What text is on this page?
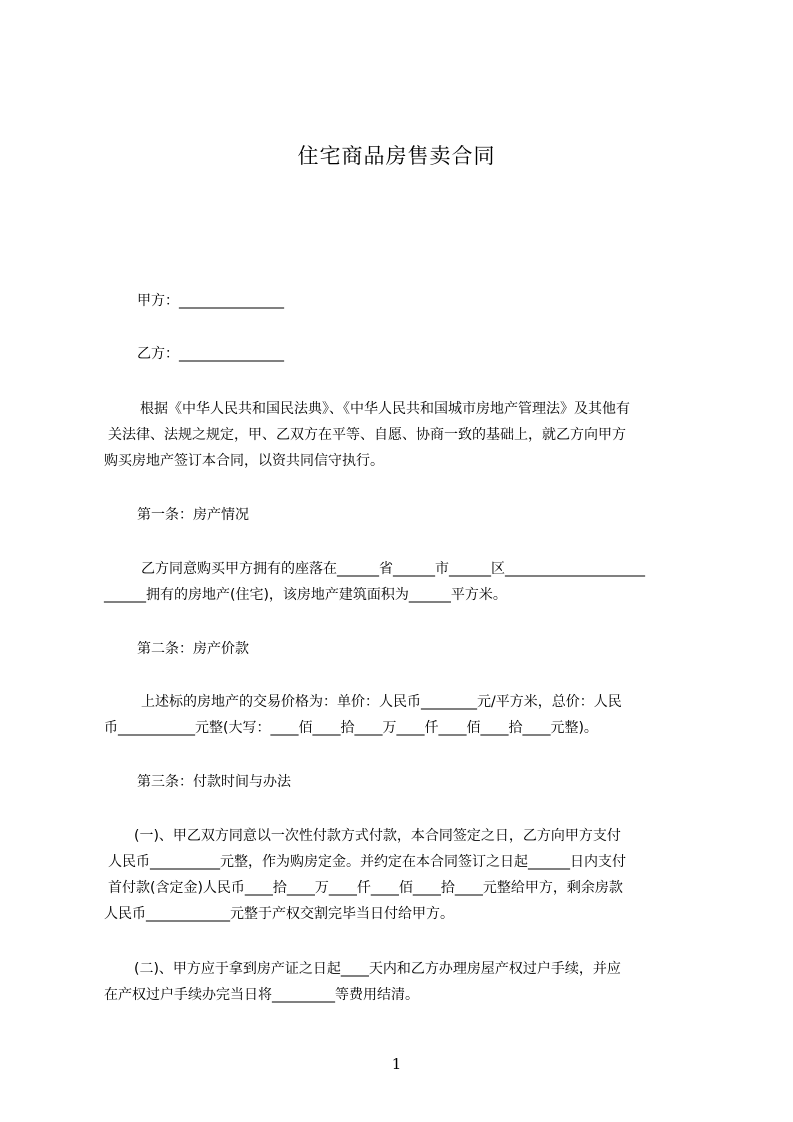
住宅商品房售卖合同
甲方：_______________
乙方：_______________
根据《中华人民共和国民法典》、《中华人民共和国城市房地产管理法》及其他有
关法律、法规之规定，甲、乙双方在平等、自愿、协商一致的基础上，就乙方向甲方
购买房地产签订本合同，以资共同信守执行。
第一条：房产情况
乙方同意购买甲方拥有的座落在______省______市______区____________________
______拥有的房地产(住宅)，该房地产建筑面积为______平方米。
第二条：房产价款
上述标的房地产的交易价格为：单价：人民币________元/平方米，总价：人民
币___________元整(大写：____佰____拾____万____仟____佰____拾____元整)。
第三条：付款时间与办法
(一)、甲乙双方同意以一次性付款方式付款，本合同签定之日，乙方向甲方支付
人民币__________元整，作为购房定金。并约定在本合同签订之日起______日内支付
首付款(含定金)人民币____拾____万____仟____佰____拾____元整给甲方，剩余房款
人民币____________元整于产权交割完毕当日付给甲方。
(二)、甲方应于拿到房产证之日起____天内和乙方办理房屋产权过户手续，并应
在产权过户手续办完当日将_________等费用结清。
1
